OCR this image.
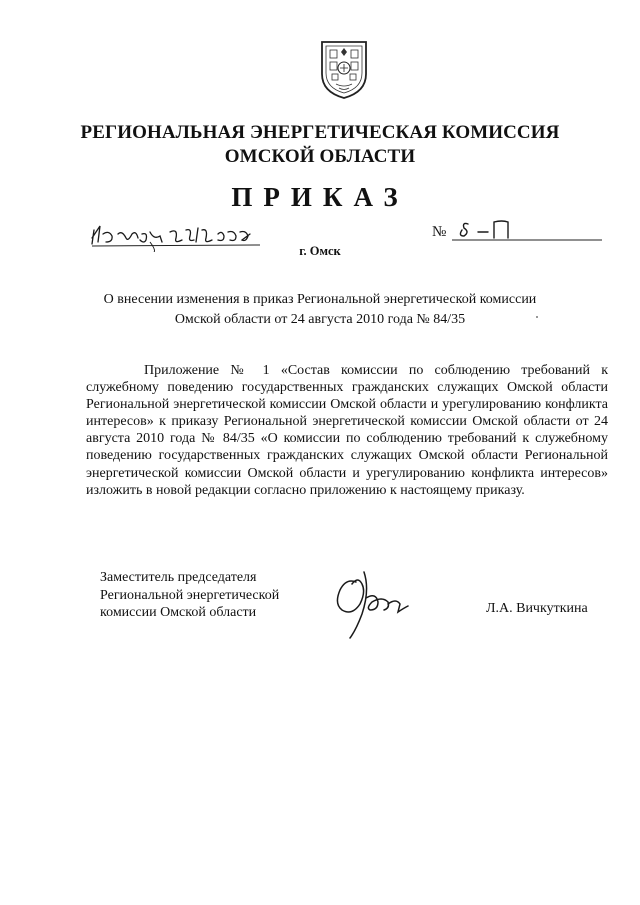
РЕГИОНАЛЬНАЯ ЭНЕРГЕТИЧЕСКАЯ КОМИССИЯ
ОМСКОЙ ОБЛАСТИ
ПРИКАЗ
№
г. Омск
О внесении изменения в приказ Региональной энергетической комиссии Омской области от 24 августа 2010 года № 84/35
Приложение № 1 «Состав комиссии по соблюдению требований к служебному поведению государственных гражданских служащих Омской области Региональной энергетической комиссии Омской области и урегулированию конфликта интересов» к приказу Региональной энергетической комиссии Омской области от 24 августа 2010 года № 84/35 «О комиссии по соблюдению требований к служебному поведению государственных гражданских служащих Омской области Региональной энергетической комиссии Омской области и урегулированию конфликта интересов» изложить в новой редакции согласно приложению к настоящему приказу.
Заместитель председателя
Региональной энергетической
комиссии Омской области	Л.А. Вичкуткина
